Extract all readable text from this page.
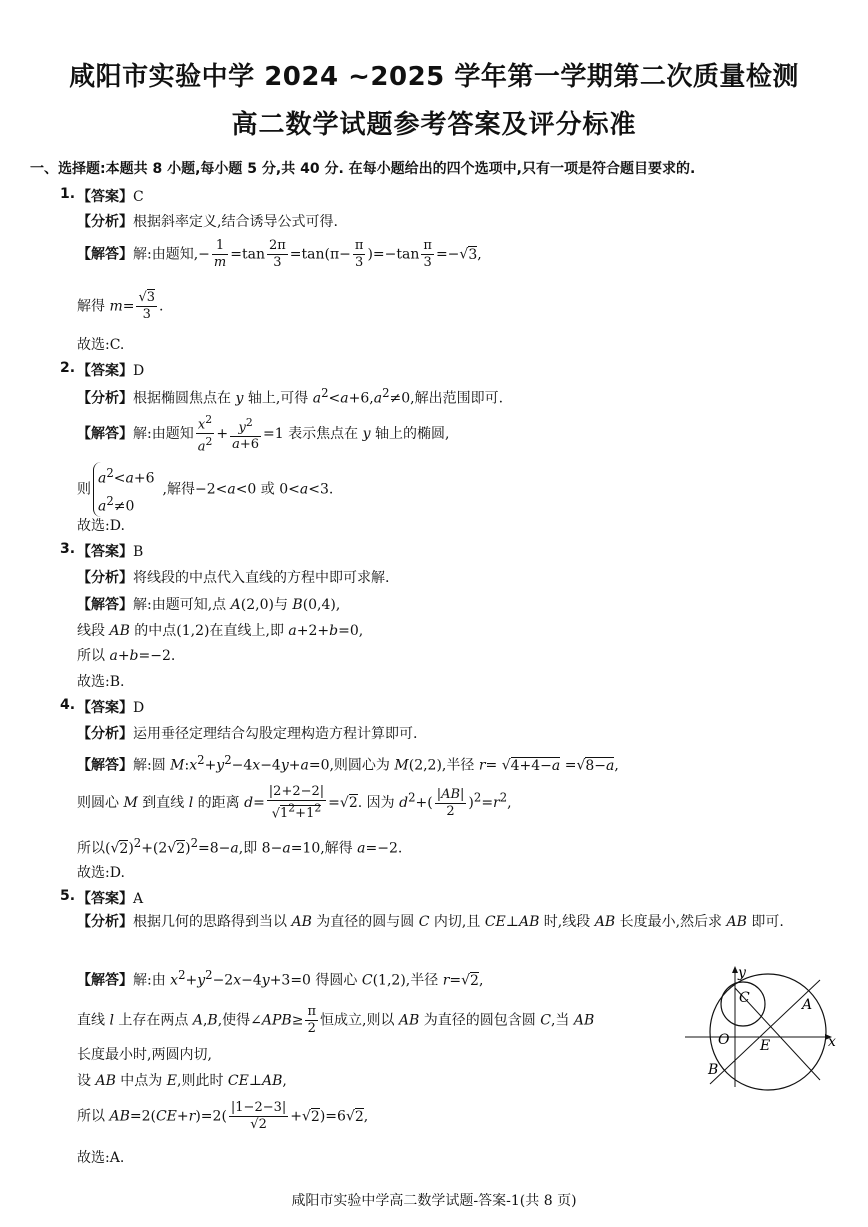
咸阳市实验中学 2024 ~2025 学年第一学期第二次质量检测
高二数学试题参考答案及评分标准
一、选择题:本题共 8 小题,每小题 5 分,共 40 分. 在每小题给出的四个选项中,只有一项是符合题目要求的.
1. 【答案】C
【分析】根据斜率定义,结合诱导公式可得.
【解答】解:由题知,− $\frac{1}{m} =\tan \frac{2\pi}{3} =\tan(\pi- \frac{\pi}{3} )=-\tan \frac{\pi}{3} =-√3$,
解得 $m= \frac{√3}{3}$ .
故选:C.
2. 【答案】D
【分析】根据椭圆焦点在 y 轴上,可得 $a^2<a+6,a^2\ne 0$,解出范围即可.
【解答】解:由题知 $\frac{x^2}{a^2} + \frac{y^2}{a+6} =1$ 表示焦点在 y 轴上的椭圆,
则$a^2<a+6$
$a^2\ne 0$,解得−2<a<0 或 0<a<3.
故选:D.
3. 【答案】B
【分析】将线段的中点代入直线的方程中即可求解.
【解答】解:由题可知,点 A(2,0)与 B(0,4),
线段 AB 的中点(1,2)在直线上,即 a+2+b=0,
所以 a+b=−2.
故选:B.
4. 【答案】D
【分析】运用垂径定理结合勾股定理构造方程计算即可.
【解答】解:圆 $M:x^2+y^2-4x-4y+a=0$,则圆心为 M(2,2),半径 r= √4+4−a =√8−a,
则圆心 M 到直线 l 的距离 $d= \frac{|2+2-2|}{√1^2+1^2} =√2$. 因为 $d^2+( \frac{|AB|}{2} )^2=r^2$,
所以$(√2)^2+(2√2)^2=8-a$,即 8−a=10,解得 a=−2.
故选:D.
5. 【答案】A
【分析】根据几何的思路得到当以 AB 为直径的圆与圆 C 内切,且 CE⊥AB 时,线段 AB 长度最小,然后求 AB 即可.
【解答】解:由 $x^2+y^2-2x-4y+3=0$ 得圆心 C(1,2),半径 r=√2,
直线 l 上存在两点 A,B,使得∠APB≥ $\frac{\pi}{2}$ 恒成立,则以 AB 为直径的圆包含圆 C,当 AB
长度最小时,两圆内切,
设 AB 中点为 E,则此时 CE⊥AB,
所以 $AB=2(CE+r)=2( \frac{|1-2-3|}{√2} +√2)=6√2$,
故选:A.
y
C	A
O E	x
B
咸阳市实验中学高二数学试题-答案-1(共 8 页)
